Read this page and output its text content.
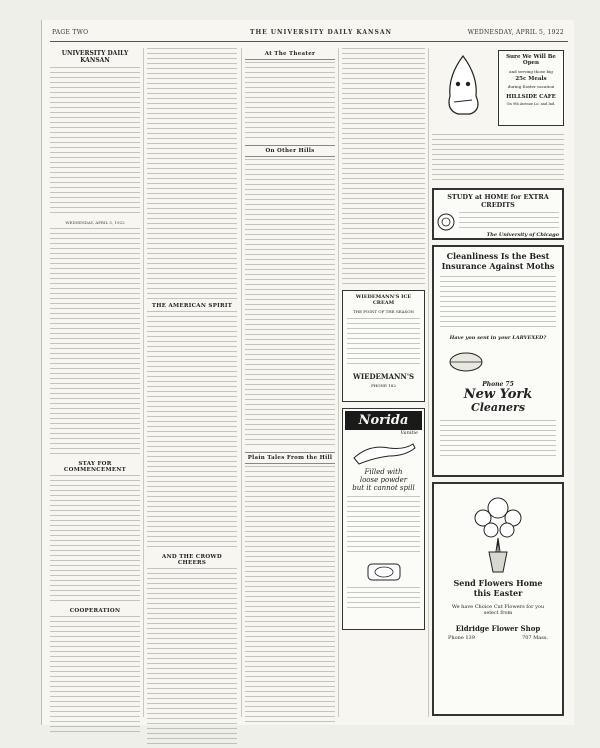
PAGE TWO	THE UNIVERSITY DAILY KANSAN	WEDNESDAY, APRIL 5, 1922
UNIVERSITY DAILY KANSAN
WEDNESDAY, APRIL 5, 1922
STAY FOR COMMENCEMENT
COOPERATION
THE AMERICAN SPIRIT
AND THE CROWD CHEERS
At The Theater
On Other Hills
Plain Tales From the Hill
WIEDEMANN'S ICE CREAM
THE POINT OF THE SEASON
WIEDEMANN'S
PHONE 182
Norida
Vanitie
Filled with
loose powder
but it cannot spill
Sure We Will Be
Open
and serving those big
25c Meals
during Easter vacation
HILLSIDE CAFE
On 9th Avenue Lo. and Ind.
STUDY at HOME for EXTRA CREDITS
The University of Chicago
Cleanliness Is the Best
Insurance Against Moths
Have you sent in your LARVEXED?
Phone 75
New York
Cleaners
Send Flowers Home
this Easter
We have Choice Cut Flowers for you
select from
Eldridge Flower Shop
Phone 139	707 Mass.
